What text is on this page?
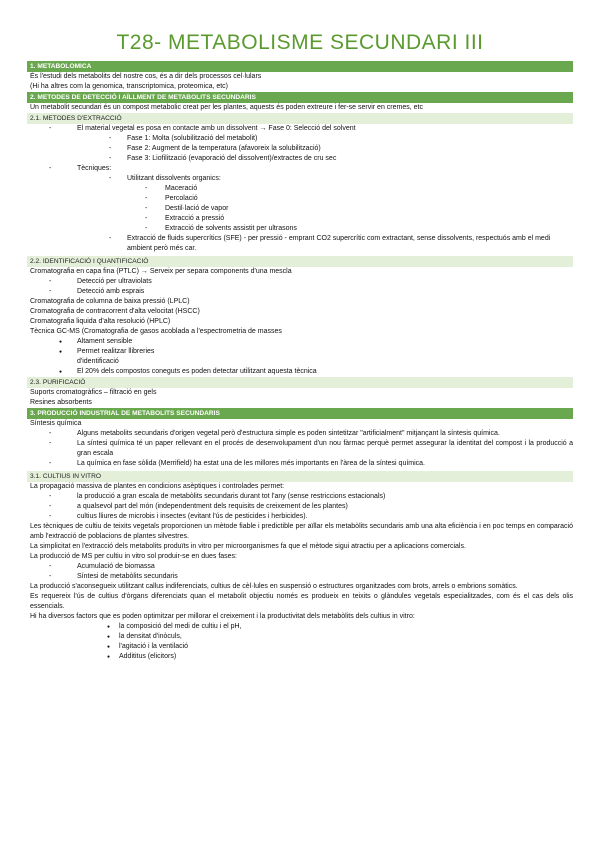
T28- METABOLISME SECUNDARI III
1. METABOLOMICA
És l'estudi dels metabolits del nostre cos, és a dir dels processos cel·lulars
(Hi ha altres com la genomica, transcriptomica, proteomica, etc)
2. METODES DE DETECCIÓ I AÏLLMENT DE METABOLITS SECUNDARIS
Un metabolit secundari és un compost metabolic creat per les plantes, aquests és poden extreure i fer-se servir en cremes, etc
2.1. METODES D'EXTRACCIÓ
- El material vegetal es posa en contacte amb un dissolvent → Fase 0: Selecció del solvent
- Fase 1: Molta (solubilització del metabolit)
- Fase 2: Augment de la temperatura (afavoreix la solubilització)
- Fase 3: Liofilització (evaporació del dissolvent)/extractes de cru sec
- Tècniques:
- Utilitzant dissolvents organics:
- Maceració
- Percolació
- Destil·lació de vapor
- Extracció a pressió
- Extracció de solvents assistit per ultrasons
- Extracció de fluids supercrítics (SFE) - per pressió - emprant CO2 supercrític com extractant, sense dissolvents, respectuós amb el medi ambient però més car.
2.2. IDENTIFICACIÓ I QUANTIFICACIÓ
Cromatografia en capa fina (PTLC) → Serveix per separa components d'una mescla
- Detecció per ultraviolats
- Detecció amb esprais
Cromatografia de columna de baixa pressió (LPLC)
Cromatografia de contracorrent d'alta velocitat (HSCC)
Cromatografia liquida d'alta resolució (HPLC)
Tècnica GC-MS (Cromatografia de gasos acoblada a l'espectrometria de masses
● Altament sensible
● Permet realitzar llibreries
d'identificació
● El 20% dels compostos coneguts es poden detectar utilitzant aquesta tècnica
2.3. PURIFICACIÓ
Suports cromatogràfics – filtració en gels
Resines absorbents
3. PRODUCCIÓ INDUSTRIAL DE METABOLITS SECUNDARIS
Síntesis química
- Alguns metabolits secundaris d'origen vegetal però d'estructura simple es poden sintetitzar "artificialment" mitjançant la síntesis química.
- La síntesi química té un paper rellevant en el procés de desenvolupament d'un nou fàrmac perquè permet assegurar la identitat del compost i la producció a gran escala
- La química en fase sòlida (Merrifield) ha estat una de les millores més importants en l'àrea de la síntesi química.
3.1. CULTIUS IN VITRO
La propagació massiva de plantes en condicions asèptiques i controlades permet:
- la producció a gran escala de metabòlits secundaris durant tot l'any (sense restriccions estacionals)
- a qualsevol part del món (independentment dels requisits de creixement de les plantes)
- cultius lliures de microbis i insectes (evitant l'ús de pesticides i herbicides).
Les tècniques de cultiu de teixits vegetals proporcionen un mètode fiable i predictible per aïllar els metabòlits secundaris amb una alta eficiència i en poc temps en comparació amb l'extracció de poblacions de plantes silvestres.
La simplicitat en l'extracció dels metabolits produïts in vitro per microorganismes fa que el mètode sigui atractiu per a aplicacions comercials.
La producció de MS per cultiu in vitro sol produir-se en dues fases:
- Acumulació de biomassa
- Síntesi de metabòlits secundaris
La producció s'aconsegueix utilitzant callus indiferenciats, cultius de cèl·lules en suspensió o estructures organitzades com brots, arrels o embrions somàtics.
Es requereix l'ús de cultius d'òrgans diferenciats quan el metabolit objectiu només es produeix en teixits o glàndules vegetals especialitzades, com és el cas dels olis essencials.
Hi ha diversos factors que es poden optimitzar per millorar el creixement i la productivitat dels metabòlits dels cultius in vitro:
● la composició del medi de cultiu i el pH,
● la densitat d'inòculs,
● l'agitació i la ventilació
● Addititus (elicitors)
